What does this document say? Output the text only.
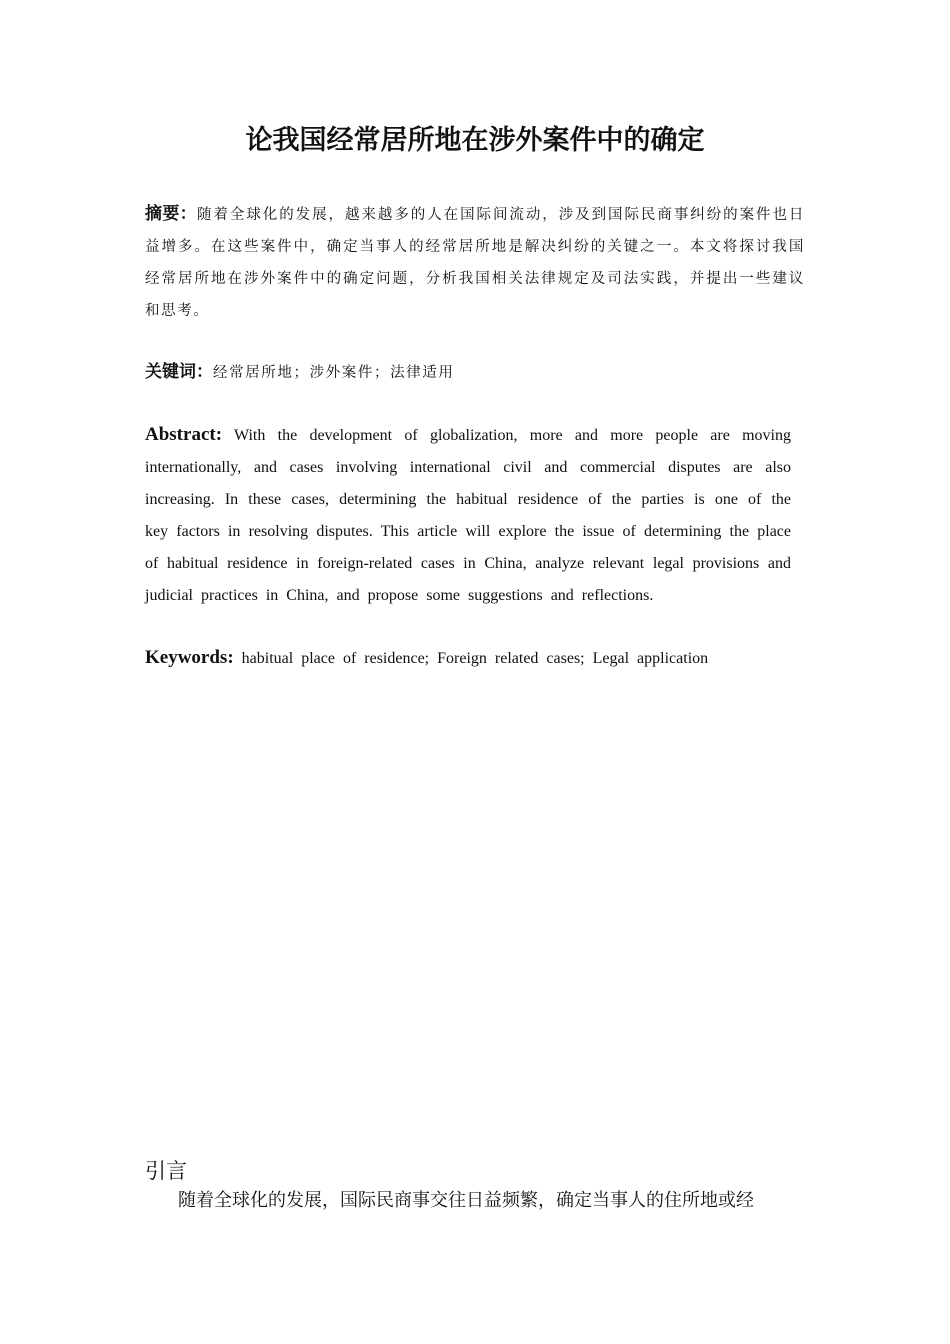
论我国经常居所地在涉外案件中的确定

摘要：随着全球化的发展，越来越多的人在国际间流动，涉及到国际民商事纠纷的案件也日益增多。在这些案件中，确定当事人的经常居所地是解决纠纷的关键之一。本文将探讨我国经常居所地在涉外案件中的确定问题，分析我国相关法律规定及司法实践，并提出一些建议和思考。

关键词：经常居所地；涉外案件；法律适用

Abstract: With the development of globalization, more and more people are moving internationally, and cases involving international civil and commercial disputes are also increasing. In these cases, determining the habitual residence of the parties is one of the key factors in resolving disputes. This article will explore the issue of determining the place of habitual residence in foreign-related cases in China, analyze relevant legal provisions and judicial practices in China, and propose some suggestions and reflections.

Keywords: habitual place of residence; Foreign related cases; Legal application

引言

随着全球化的发展，国际民商事交往日益频繁，确定当事人的住所地或经
